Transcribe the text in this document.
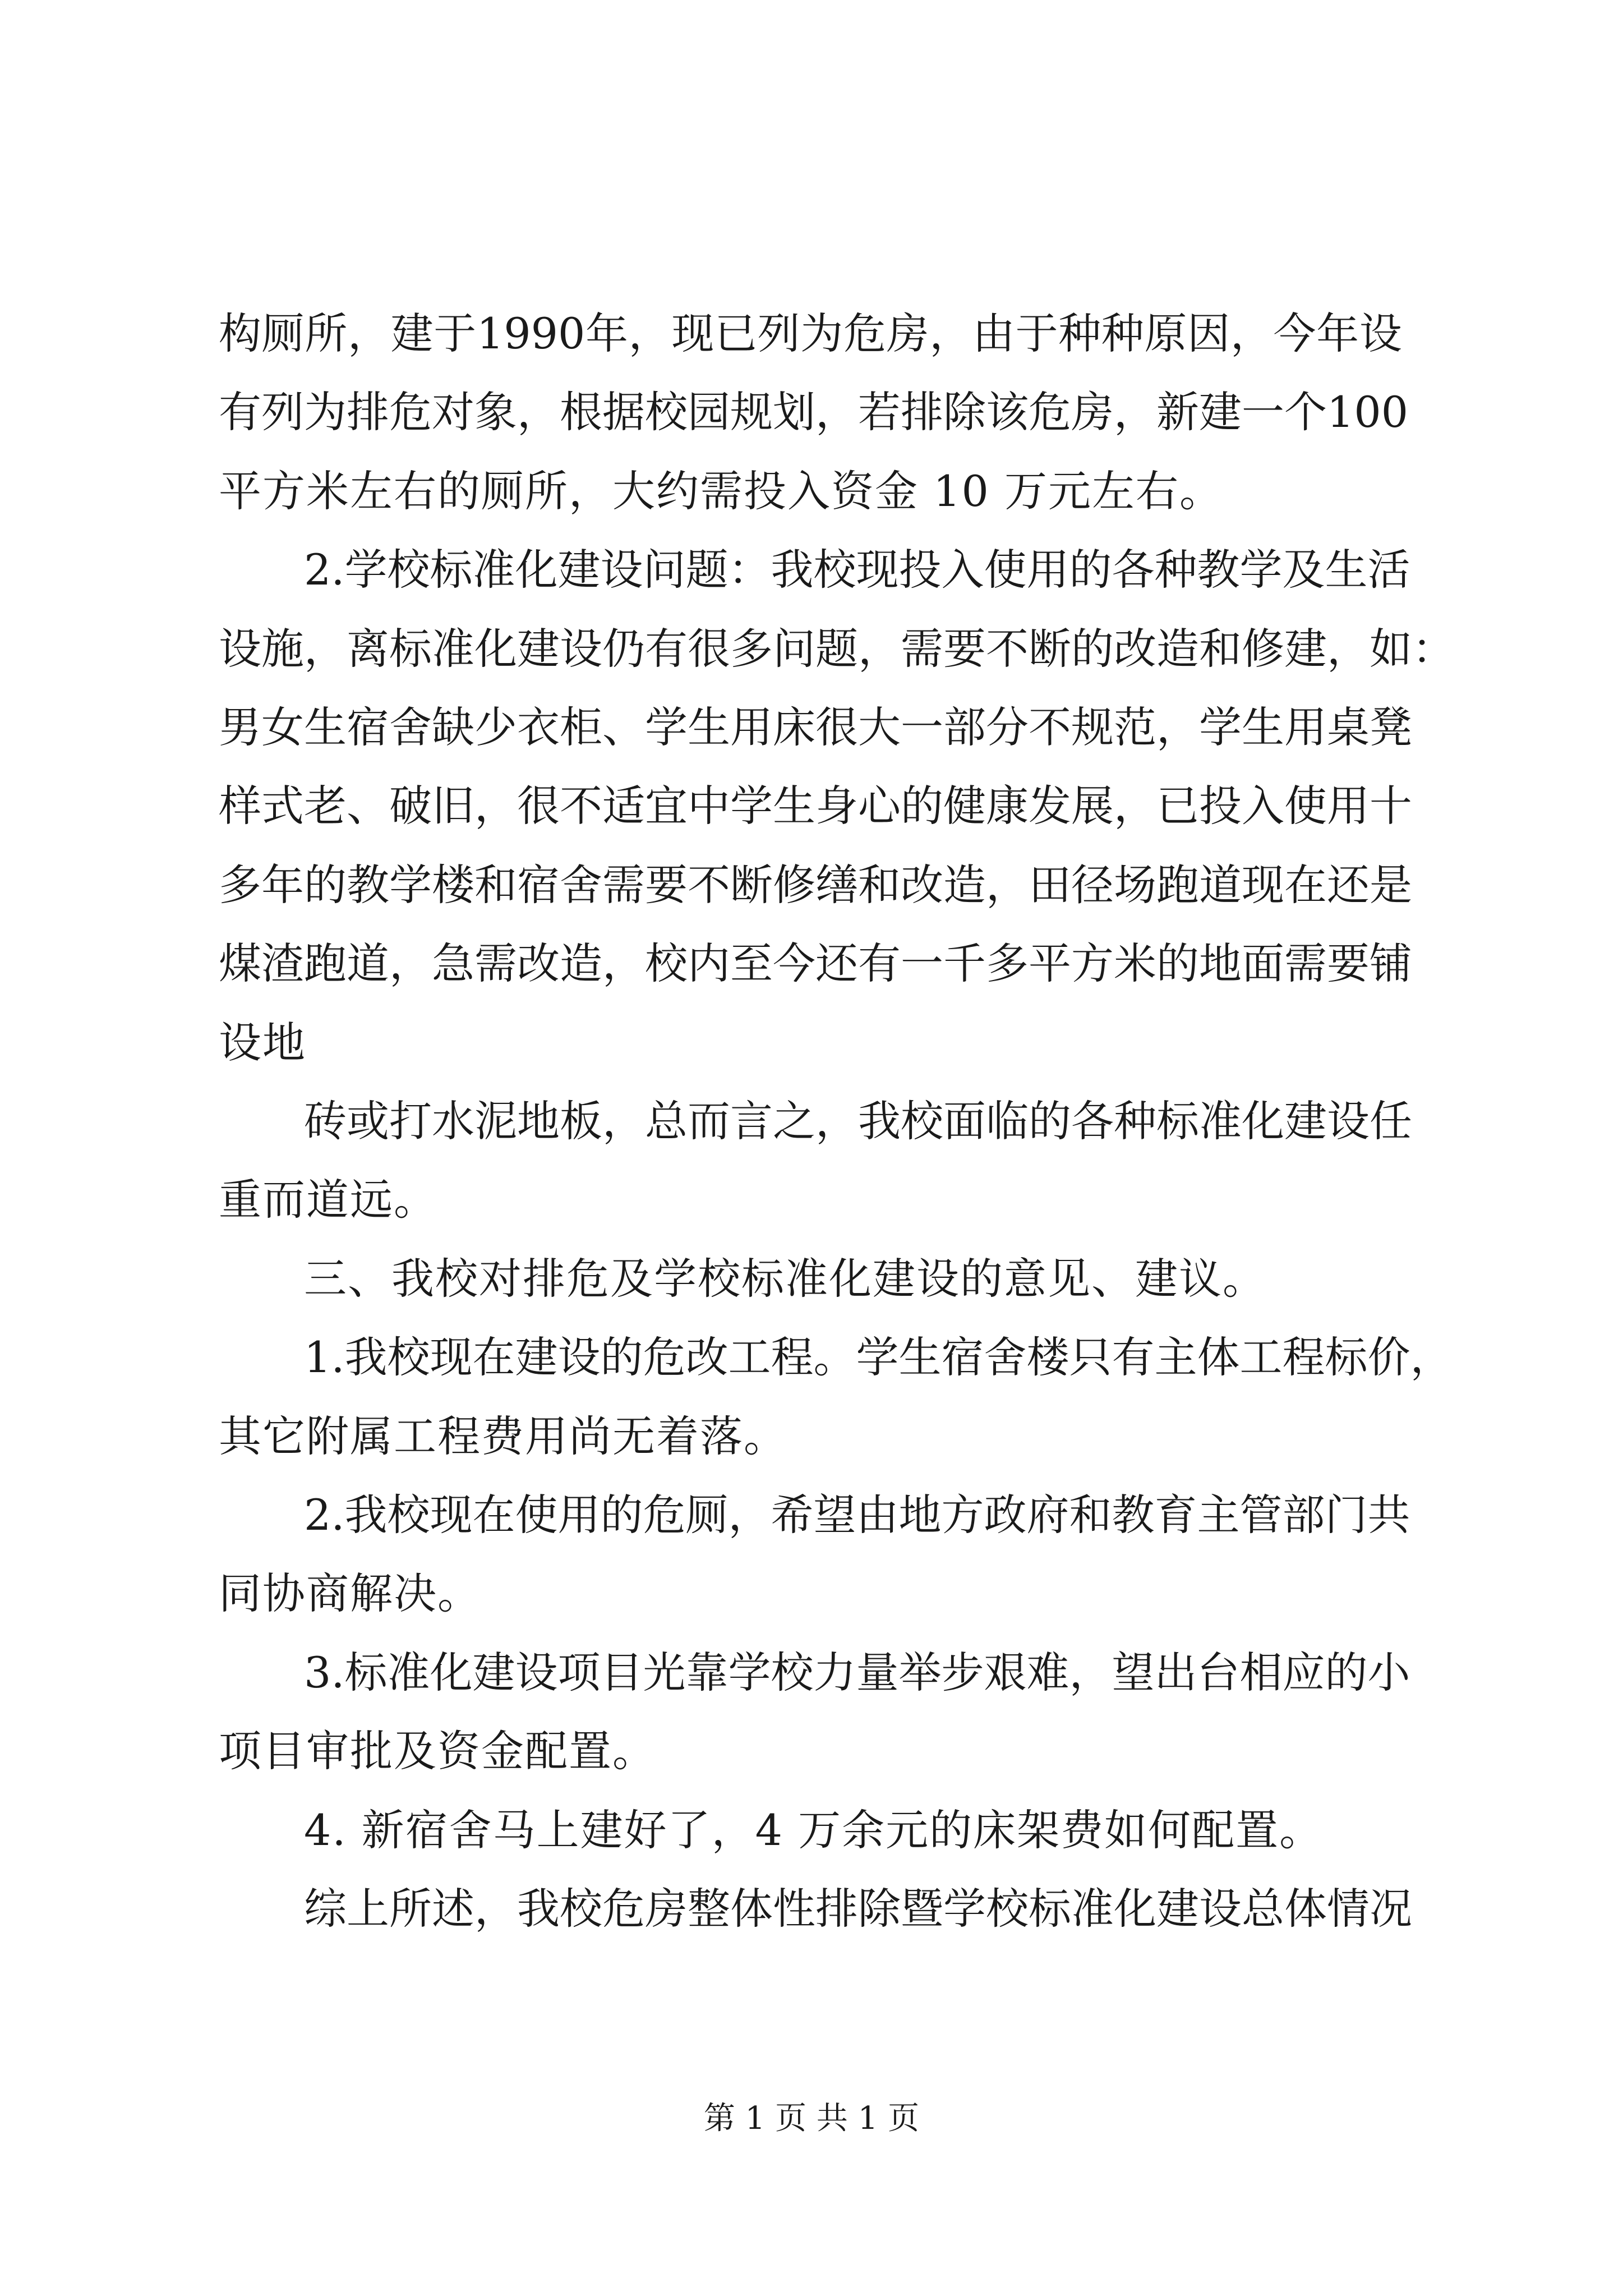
构 厕 所 ， 建 于 1990 年 ， 现 已 列 为 危 房 ， 由 于 种 种 原 因 ， 今 年 设
有 列 为 排 危 对 象 ， 根 据 校 园 规 划 ， 若 排 除 该 危 房 ， 新 建 一 个 100
平方米左右的厕所，大约需投入资金 10 万元左右。
2. 学 校 标 准 化 建 设 问 题 ： 我 校 现 投 入 使 用 的 各 种 教 学 及 生 活
设 施 ， 离 标 准 化 建 设 仍 有 很 多 问 题 ， 需 要 不 断 的 改 造 和 修 建 ， 如 ：
男 女 生 宿 舍 缺 少 衣 柜 、 学 生 用 床 很 大 一 部 分 不 规 范 ， 学 生 用 桌 凳
样 式 老 、 破 旧 ， 很 不 适 宜 中 学 生 身 心 的 健 康 发 展 ， 已 投 入 使 用 十
多 年 的 教 学 楼 和 宿 舍 需 要 不 断 修 缮 和 改 造 ， 田 径 场 跑 道 现 在 还 是
煤 渣 跑 道 ， 急 需 改 造 ， 校 内 至 今 还 有 一 千 多 平 方 米 的 地 面 需 要 铺
设地
砖 或 打 水 泥 地 板 ， 总 而 言 之 ， 我 校 面 临 的 各 种 标 准 化 建 设 任
重而道远。
三、我校对排危及学校标准化建设的意见、建议。
1. 我 校 现 在 建 设 的 危 改 工 程 。 学 生 宿 舍 楼 只 有 主 体 工 程 标 价 ，
其它附属工程费用尚无着落。
2. 我 校 现 在 使 用 的 危 厕 ， 希 望 由 地 方 政 府 和 教 育 主 管 部 门 共
同协商解决。
3. 标 准 化 建 设 项 目 光 靠 学 校 力 量 举 步 艰 难 ， 望 出 台 相 应 的 小
项目审批及资金配置。
4. 新宿舍马上建好了，4 万余元的床架费如何配置。
综 上 所 述 ， 我 校 危 房 整 体 性 排 除 暨 学 校 标 准 化 建 设 总 体 情 况
第 1 页 共 1 页
